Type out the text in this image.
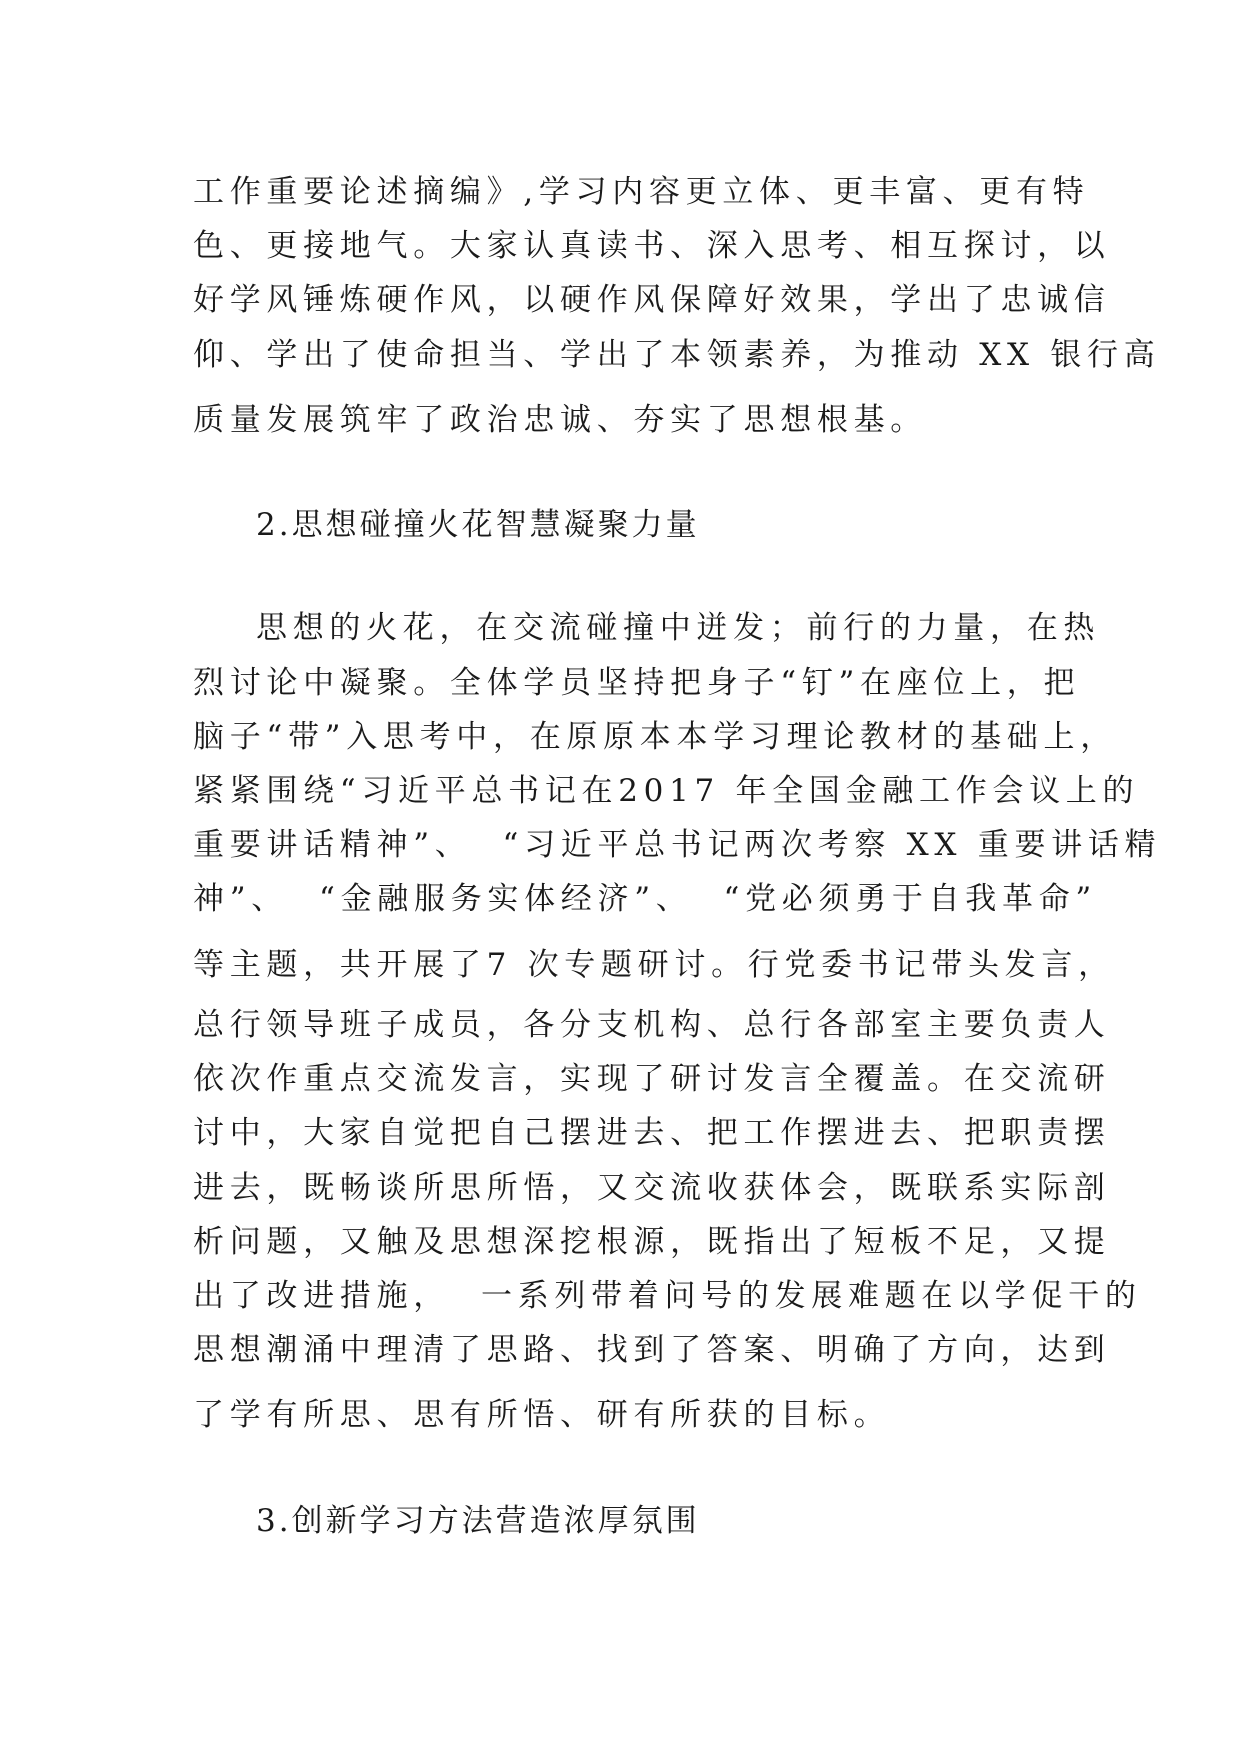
工作重要论述摘编》,学习内容更立体、更丰富、更有特
色、更接地气。大家认真读书、深入思考、相互探讨，以
好学风锤炼硬作风，以硬作风保障好效果，学出了忠诚信
仰、学出了使命担当、学出了本领素养，为推动 XX 银行高
质量发展筑牢了政治忠诚、夯实了思想根基。
2.思想碰撞火花智慧凝聚力量
思想的火花，在交流碰撞中迸发；前行的力量，在热
烈讨论中凝聚。全体学员坚持把身子“钉”在座位上，把
脑子“带”入思考中，在原原本本学习理论教材的基础上，
紧紧围绕“习近平总书记在2017 年全国金融工作会议上的
重要讲话精神”、  “习近平总书记两次考察 XX 重要讲话精
神”、  “金融服务实体经济”、  “党必须勇于自我革命”
等主题，共开展了7 次专题研讨。行党委书记带头发言，
总行领导班子成员，各分支机构、总行各部室主要负责人
依次作重点交流发言，实现了研讨发言全覆盖。在交流研
讨中，大家自觉把自己摆进去、把工作摆进去、把职责摆
进去，既畅谈所思所悟，又交流收获体会，既联系实际剖
析问题，又触及思想深挖根源，既指出了短板不足，又提
出了改进措施，  一系列带着问号的发展难题在以学促干的
思想潮涌中理清了思路、找到了答案、明确了方向，达到
了学有所思、思有所悟、研有所获的目标。
3.创新学习方法营造浓厚氛围
